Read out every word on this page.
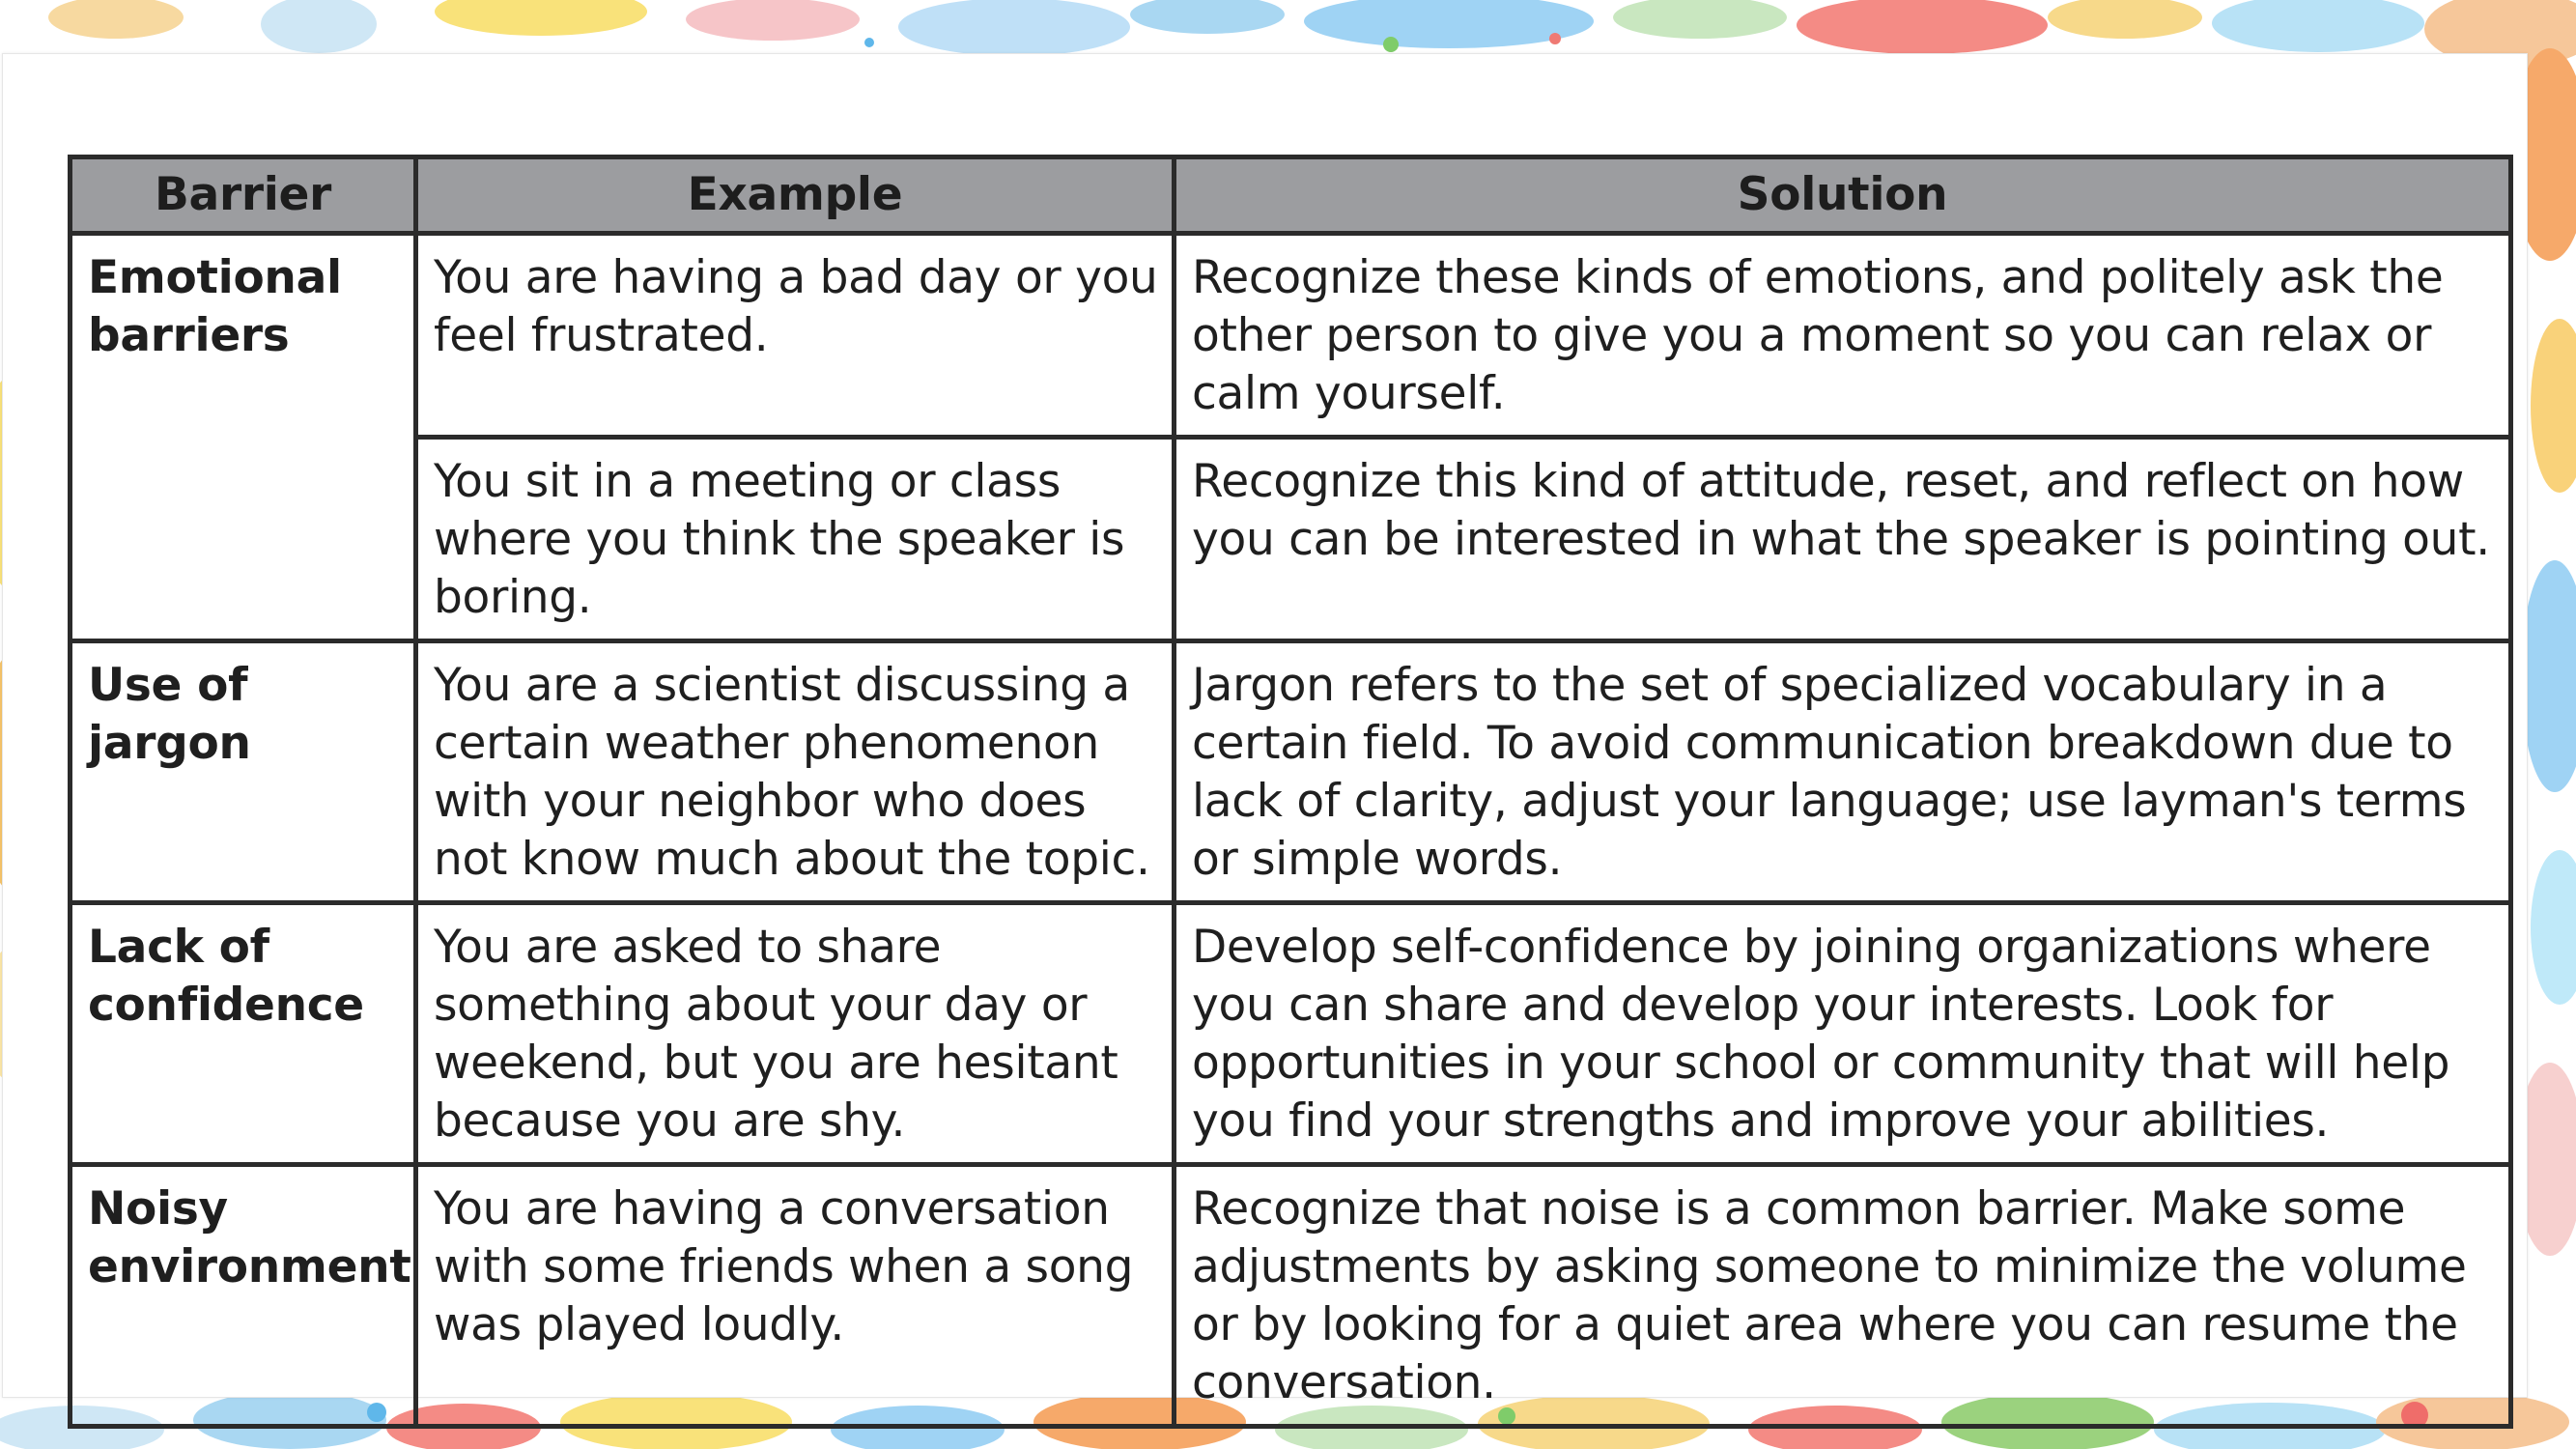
Barrier	Example	Solution
Emotional barriers	You are having a bad day or you feel frustrated.	Recognize these kinds of emotions, and politely ask the other person to give you a moment so you can relax or calm yourself.
	You sit in a meeting or class where you think the speaker is boring.	Recognize this kind of attitude, reset, and reflect on how you can be interested in what the speaker is pointing out.
Use of jargon	You are a scientist discussing a certain weather phenomenon with your neighbor who does not know much about the topic.	Jargon refers to the set of specialized vocabulary in a certain field. To avoid communication breakdown due to lack of clarity, adjust your language; use layman's terms or simple words.
Lack of confidence	You are asked to share something about your day or weekend, but you are hesitant because you are shy.	Develop self-confidence by joining organizations where you can share and develop your interests. Look for opportunities in your school or community that will help you find your strengths and improve your abilities.
Noisy environment	You are having a conversation with some friends when a song was played loudly.	Recognize that noise is a common barrier. Make some adjustments by asking someone to minimize the volume or by looking for a quiet area where you can resume the conversation.
